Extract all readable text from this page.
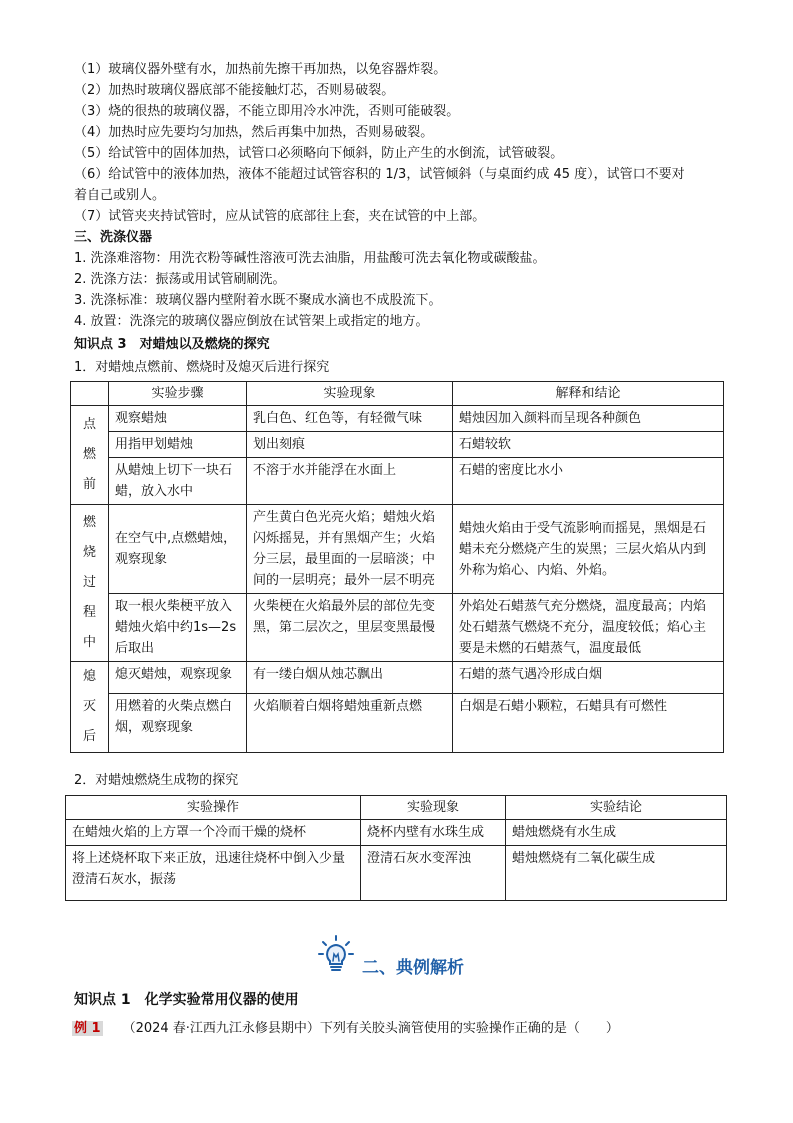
（1）玻璃仪器外壁有水，加热前先擦干再加热，以免容器炸裂。
（2）加热时玻璃仪器底部不能接触灯芯，否则易破裂。
（3）烧的很热的玻璃仪器，不能立即用冷水冲洗，否则可能破裂。
（4）加热时应先要均匀加热，然后再集中加热，否则易破裂。
（5）给试管中的固体加热，试管口必须略向下倾斜，防止产生的水倒流，试管破裂。
（6）给试管中的液体加热，液体不能超过试管容积的 1/3，试管倾斜（与桌面约成 45 度），试管口不要对
着自己或别人。
（7）试管夹夹持试管时，应从试管的底部往上套，夹在试管的中上部。
三、洗涤仪器
1. 洗涤难溶物：用洗衣粉等碱性溶液可洗去油脂，用盐酸可洗去氧化物或碳酸盐。
2. 洗涤方法：振荡或用试管刷刷洗。
3. 洗涤标准：玻璃仪器内壁附着水既不聚成水滴也不成股流下。
4. 放置：洗涤完的玻璃仪器应倒放在试管架上或指定的地方。
知识点 3　对蜡烛以及燃烧的探究
1．对蜡烛点燃前、燃烧时及熄灭后进行探究
	实验步骤	实验现象	解释和结论

点
燃
前	观察蜡烛	乳白色、红色等，有轻微气味	蜡烛因加入颜料而呈现各种颜色
	用指甲划蜡烛	划出刻痕	石蜡较软
	从蜡烛上切下一块石蜡，放入水中	不溶于水并能浮在水面上	石蜡的密度比水小

燃
烧
过
程
中	在空气中,点燃蜡烛，观察现象	产生黄白色光亮火焰；蜡烛火焰闪烁摇晃，并有黑烟产生；火焰分三层，最里面的一层暗淡；中间的一层明亮；最外一层不明亮	蜡烛火焰由于受气流影响而摇晃，黑烟是石蜡未充分燃烧产生的炭黑；三层火焰从内到外称为焰心、内焰、外焰。
	取一根火柴梗平放入蜡烛火焰中约1s—2s 后取出	火柴梗在火焰最外层的部位先变黑，第二层次之，里层变黑最慢	外焰处石蜡蒸气充分燃烧，温度最高；内焰处石蜡蒸气燃烧不充分，温度较低；焰心主要是未燃的石蜡蒸气，温度最低

熄
灭
后	熄灭蜡烛，观察现象	有一缕白烟从烛芯飘出	石蜡的蒸气遇冷形成白烟
	用燃着的火柴点燃白烟，观察现象	火焰顺着白烟将蜡烛重新点燃	白烟是石蜡小颗粒，石蜡具有可燃性
2．对蜡烛燃烧生成物的探究
实验操作	实验现象	实验结论
在蜡烛火焰的上方罩一个冷而干燥的烧杯	烧杯内壁有水珠生成	蜡烛燃烧有水生成
将上述烧杯取下来正放，迅速往烧杯中倒入少量澄清石灰水，振荡	澄清石灰水变浑浊	蜡烛燃烧有二氧化碳生成
二、典例解析
知识点 1　化学实验常用仪器的使用
例 1 （2024 春·江西九江永修县期中）下列有关胶头滴管使用的实验操作正确的是（　　）
